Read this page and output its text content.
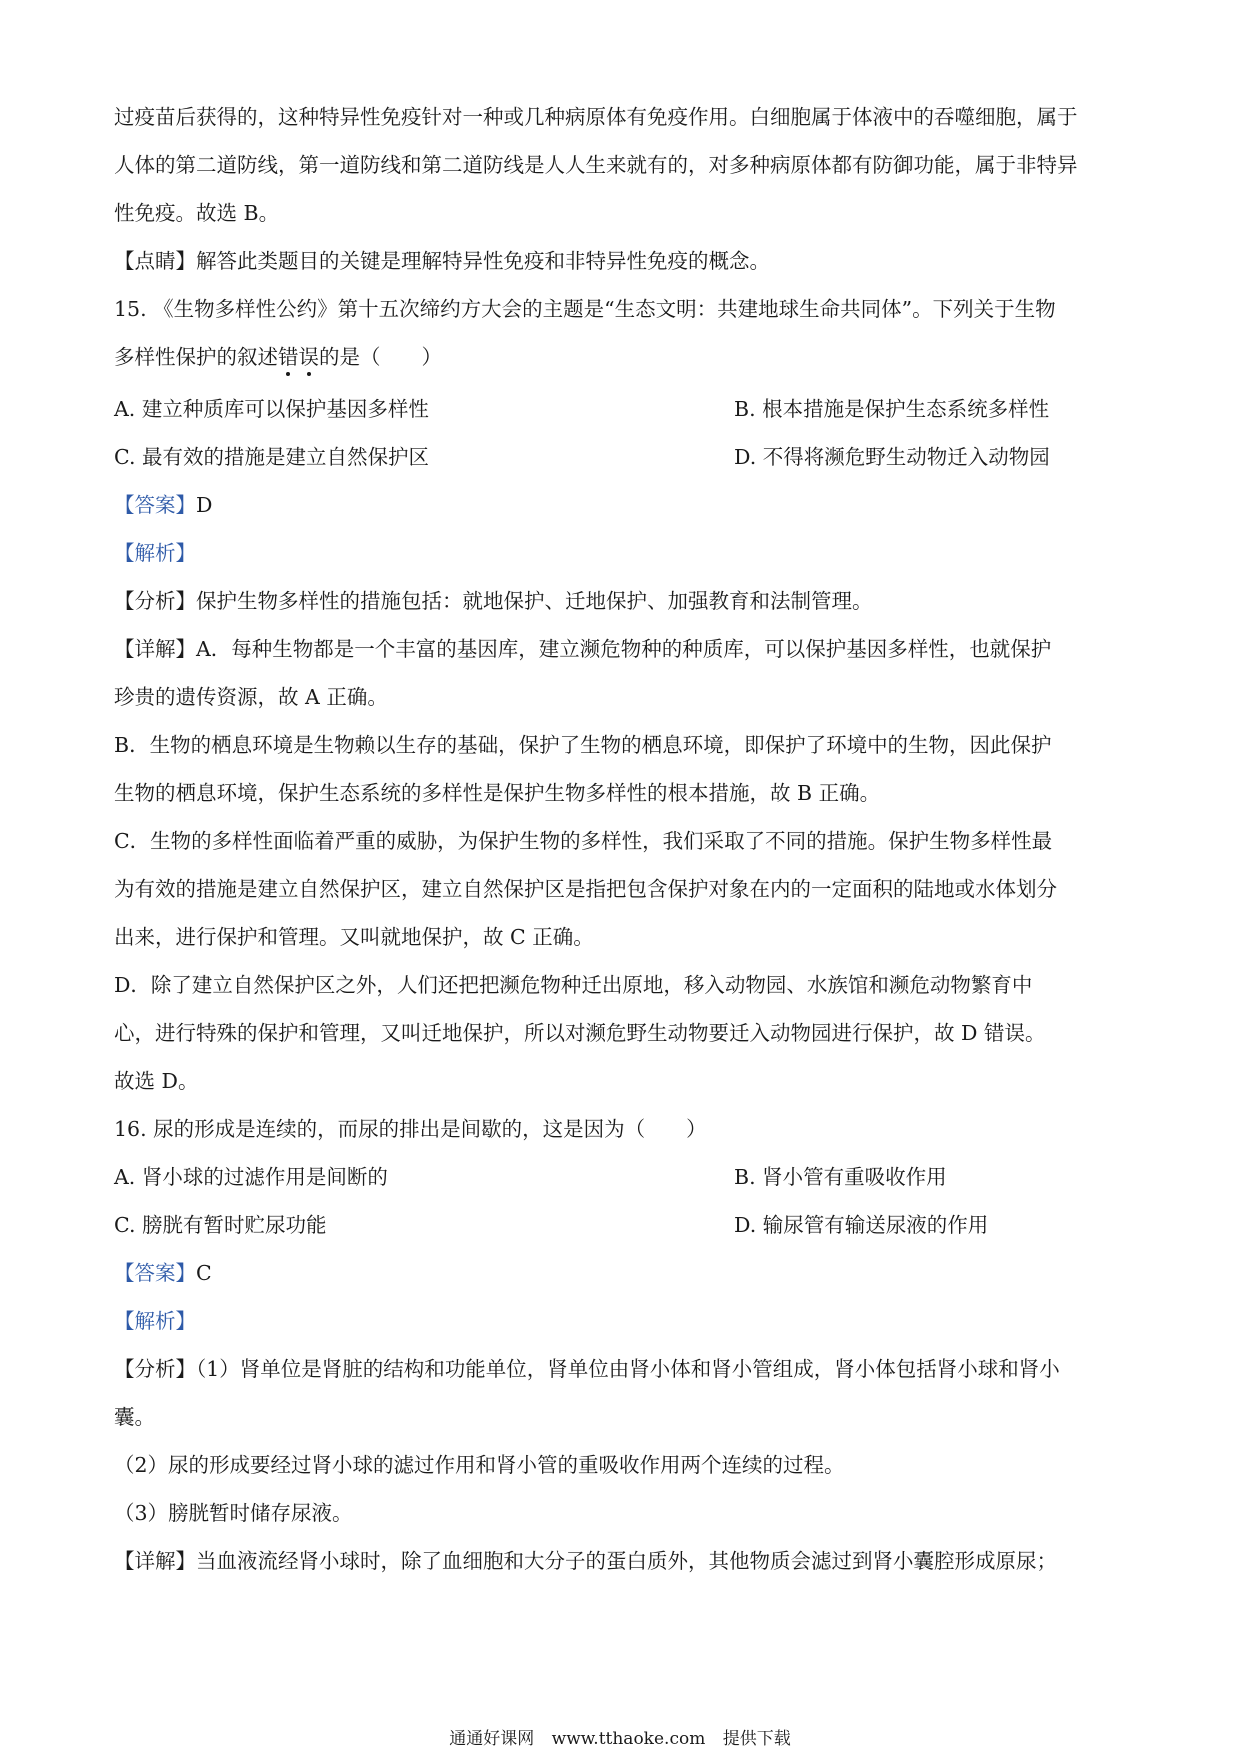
过疫苗后获得的，这种特异性免疫针对一种或几种病原体有免疫作用。白细胞属于体液中的吞噬细胞，属于
人体的第二道防线，第一道防线和第二道防线是人人生来就有的，对多种病原体都有防御功能，属于非特异
性免疫。故选 B。
【点睛】解答此类题目的关键是理解特异性免疫和非特异性免疫的概念。
15. 《生物多样性公约》第十五次缔约方大会的主题是“生态文明：共建地球生命共同体”。下列关于生物
多样性保护的叙述错误的是（　　）
A. 建立种质库可以保护基因多样性	B. 根本措施是保护生态系统多样性
C. 最有效的措施是建立自然保护区	D. 不得将濒危野生动物迁入动物园
【答案】D
【解析】
【分析】保护生物多样性的措施包括：就地保护、迁地保护、加强教育和法制管理。
【详解】A．每种生物都是一个丰富的基因库，建立濒危物种的种质库，可以保护基因多样性，也就保护
珍贵的遗传资源，故 A 正确。
B．生物的栖息环境是生物赖以生存的基础，保护了生物的栖息环境，即保护了环境中的生物，因此保护
生物的栖息环境，保护生态系统的多样性是保护生物多样性的根本措施，故 B 正确。
C．生物的多样性面临着严重的威胁，为保护生物的多样性，我们采取了不同的措施。保护生物多样性最
为有效的措施是建立自然保护区，建立自然保护区是指把包含保护对象在内的一定面积的陆地或水体划分
出来，进行保护和管理。又叫就地保护，故 C 正确。
D．除了建立自然保护区之外，人们还把把濒危物种迁出原地，移入动物园、水族馆和濒危动物繁育中
心，进行特殊的保护和管理，又叫迁地保护，所以对濒危野生动物要迁入动物园进行保护，故 D 错误。
故选 D。
16. 尿的形成是连续的，而尿的排出是间歇的，这是因为（　　）
A. 肾小球的过滤作用是间断的	B. 肾小管有重吸收作用
C. 膀胱有暂时贮尿功能	D. 输尿管有输送尿液的作用
【答案】C
【解析】
【分析】（1）肾单位是肾脏的结构和功能单位，肾单位由肾小体和肾小管组成，肾小体包括肾小球和肾小
囊。
（2）尿的形成要经过肾小球的滤过作用和肾小管的重吸收作用两个连续的过程。
（3）膀胱暂时储存尿液。
【详解】当血液流经肾小球时，除了血细胞和大分子的蛋白质外，其他物质会滤过到肾小囊腔形成原尿；
通通好课网 www.tthaoke.com 提供下载
